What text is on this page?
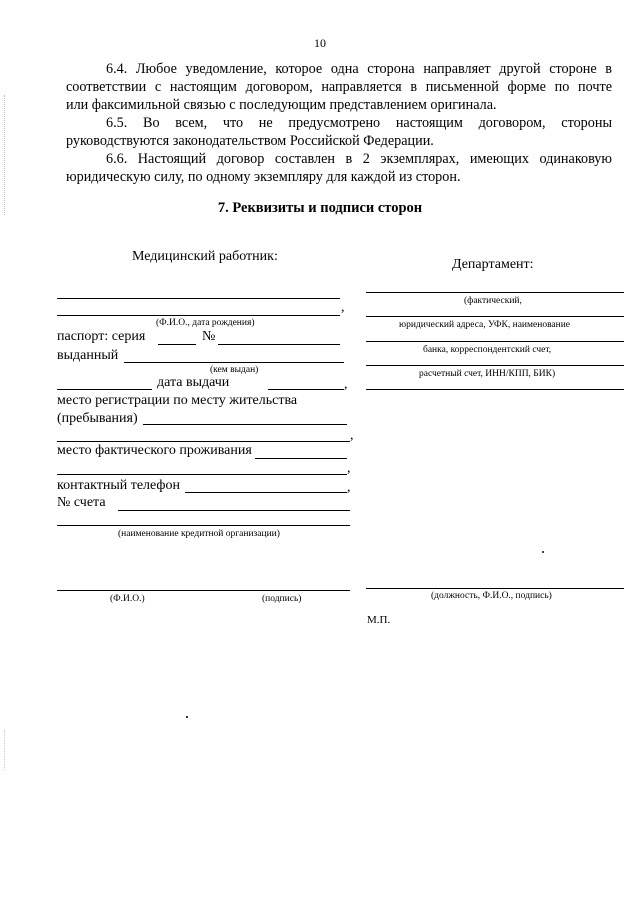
10
6.4. Любое уведомление, которое одна сторона направляет другой стороне в
соответствии с настоящим договором, направляется в письменной форме по почте
или факсимильной связью с последующим представлением оригинала.
6.5. Во всем, что не предусмотрено настоящим договором, стороны
руководствуются законодательством Российской Федерации.
6.6. Настоящий договор составлен в 2 экземплярах, имеющих одинаковую
юридическую силу, по одному экземпляру для каждой из сторон.
7. Реквизиты и подписи сторон
Медицинский работник:
,
(Ф.И.О., дата рождения)
паспорт: серия	№
выданный
(кем выдан)
дата выдачи	,
место регистрации по месту жительства
(пребывания)
,
место фактического проживания
,
контактный телефон	,
№ счета
(наименование кредитной организации)
(Ф.И.О.)	(подпись)
Департамент:
(фактический,
юридический адреса, УФК, наименование
банка, корреспондентский счет,
расчетный счет, ИНН/КПП, БИК)
(должность, Ф.И.О., подпись)
М.П.
